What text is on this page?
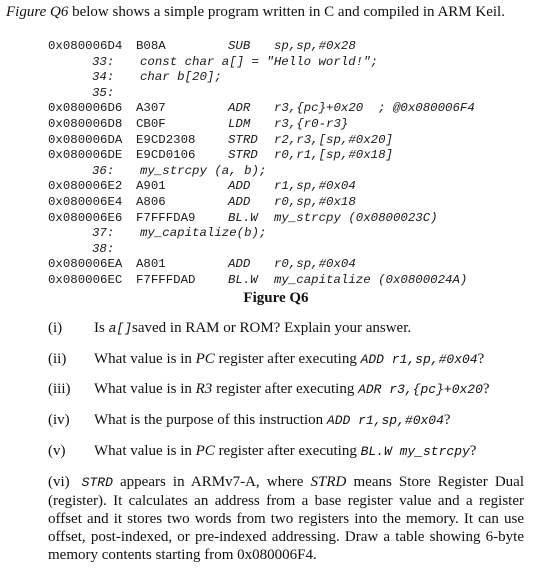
Figure Q6 below shows a simple program written in C and compiled in ARM Keil.
0x080006D4 B08A	SUB sp,sp,#0x28
33: const char a[] = "Hello world!";
34: char b[20];
35:
0x080006D6 A307	ADR r3,{pc}+0x20  ; @0x080006F4
0x080006D8 CB0F	LDM r3,{r0-r3}
0x080006DA E9CD2308	STRD r2,r3,[sp,#0x20]
0x080006DE E9CD0106	STRD r0,r1,[sp,#0x18]
36: my_strcpy (a, b);
0x080006E2 A901	ADD r1,sp,#0x04
0x080006E4 A806	ADD r0,sp,#0x18
0x080006E6 F7FFFDA9	BL.W my_strcpy (0x0800023C)
37: my_capitalize(b);
38:
0x080006EA A801	ADD r0,sp,#0x04
0x080006EC F7FFFDAD	BL.W my_capitalize (0x0800024A)
Figure Q6
(i) Is a[]saved in RAM or ROM? Explain your answer.
(ii) What value is in PC register after executing ADD r1,sp,#0x04?
(iii) What value is in R3 register after executing ADR r3,{pc}+0x20?
(iv) What is the purpose of this instruction ADD r1,sp,#0x04?
(v) What value is in PC register after executing BL.W my_strcpy?
(vi) STRD appears in ARMv7-A, where STRD means Store Register Dual (register). It calculates an address from a base register value and a register offset and it stores two words from two registers into the memory. It can use offset, post-indexed, or pre-indexed addressing. Draw a table showing 6-byte memory contents starting from 0x080006F4.
